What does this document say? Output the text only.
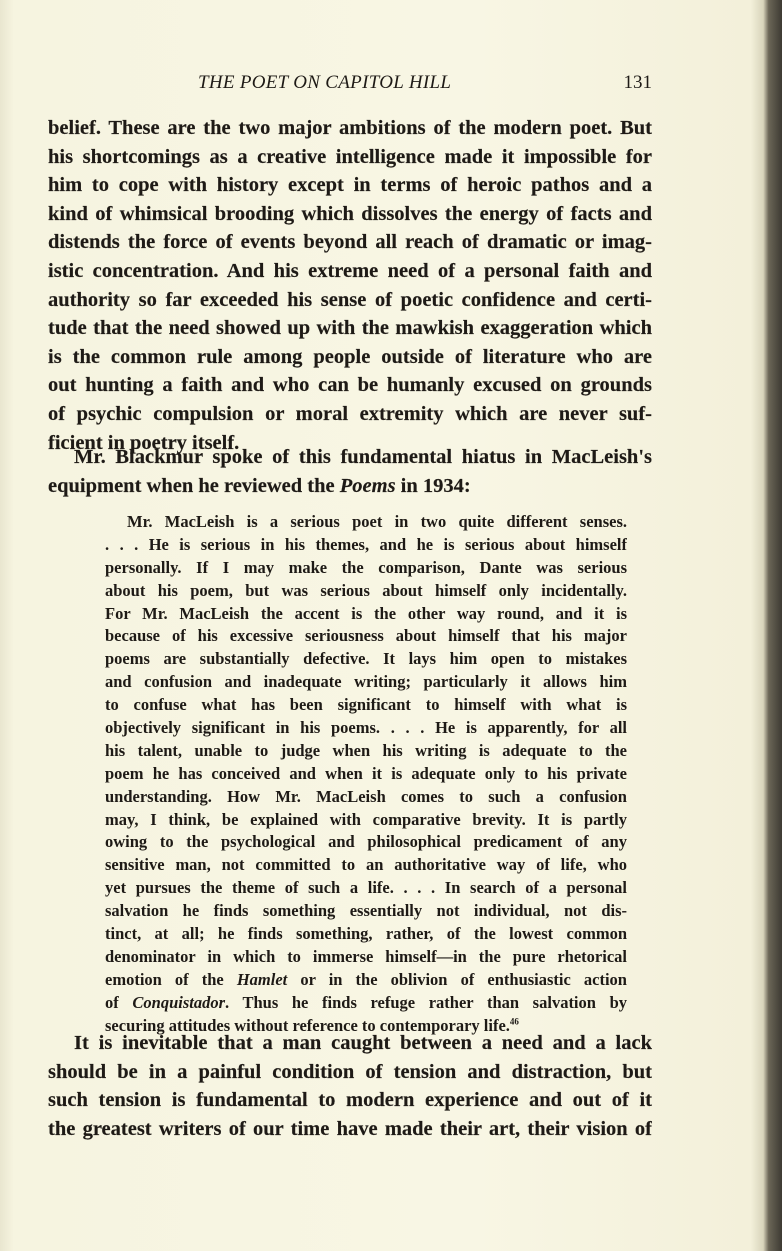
THE POET ON CAPITOL HILL	131
belief. These are the two major ambitions of the modern poet. But
his shortcomings as a creative intelligence made it impossible for
him to cope with history except in terms of heroic pathos and a
kind of whimsical brooding which dissolves the energy of facts and
distends the force of events beyond all reach of dramatic or imag-
istic concentration. And his extreme need of a personal faith and
authority so far exceeded his sense of poetic confidence and certi-
tude that the need showed up with the mawkish exaggeration which
is the common rule among people outside of literature who are
out hunting a faith and who can be humanly excused on grounds
of psychic compulsion or moral extremity which are never suf-
ficient in poetry itself.
Mr. Blackmur spoke of this fundamental hiatus in MacLeish's
equipment when he reviewed the Poems in 1934:
Mr. MacLeish is a serious poet in two quite different senses.
. . . He is serious in his themes, and he is serious about himself
personally. If I may make the comparison, Dante was serious
about his poem, but was serious about himself only incidentally.
For Mr. MacLeish the accent is the other way round, and it is
because of his excessive seriousness about himself that his major
poems are substantially defective. It lays him open to mistakes
and confusion and inadequate writing; particularly it allows him
to confuse what has been significant to himself with what is
objectively significant in his poems. . . . He is apparently, for all
his talent, unable to judge when his writing is adequate to the
poem he has conceived and when it is adequate only to his private
understanding. How Mr. MacLeish comes to such a confusion
may, I think, be explained with comparative brevity. It is partly
owing to the psychological and philosophical predicament of any
sensitive man, not committed to an authoritative way of life, who
yet pursues the theme of such a life. . . . In search of a personal
salvation he finds something essentially not individual, not dis-
tinct, at all; he finds something, rather, of the lowest common
denominator in which to immerse himself—in the pure rhetorical
emotion of the Hamlet or in the oblivion of enthusiastic action
of Conquistador. Thus he finds refuge rather than salvation by
securing attitudes without reference to contemporary life.$^{46}$
It is inevitable that a man caught between a need and a lack
should be in a painful condition of tension and distraction, but
such tension is fundamental to modern experience and out of it
the greatest writers of our time have made their art, their vision of
